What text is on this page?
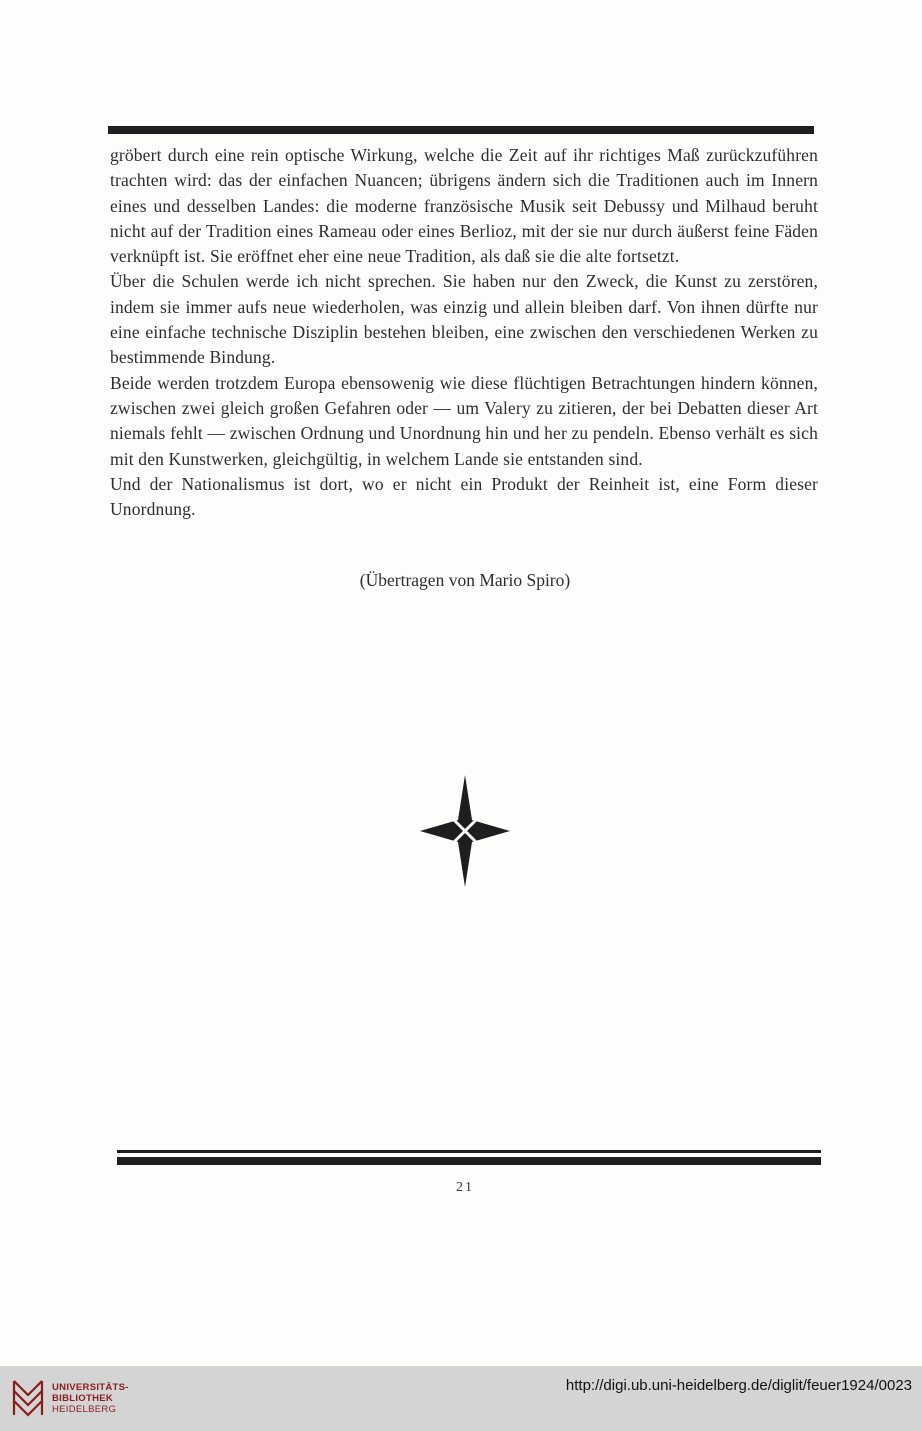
gröbert durch eine rein optische Wirkung, welche die Zeit auf ihr richtiges Maß zurückzuführen trachten wird: das der einfachen Nuancen; übrigens ändern sich die Traditionen auch im Innern eines und desselben Landes: die moderne französische Musik seit Debussy und Milhaud beruht nicht auf der Tradition eines Rameau oder eines Berlioz, mit der sie nur durch äußerst feine Fäden verknüpft ist. Sie eröffnet eher eine neue Tradition, als daß sie die alte fortsetzt.

Über die Schulen werde ich nicht sprechen. Sie haben nur den Zweck, die Kunst zu zerstören, indem sie immer aufs neue wiederholen, was einzig und allein bleiben darf. Von ihnen dürfte nur eine einfache technische Disziplin bestehen bleiben, eine zwischen den verschiedenen Werken zu bestimmende Bindung.

Beide werden trotzdem Europa ebensowenig wie diese flüchtigen Betrachtungen hindern können, zwischen zwei gleich großen Gefahren oder — um Valery zu zitieren, der bei Debatten dieser Art niemals fehlt — zwischen Ordnung und Unordnung hin und her zu pendeln. Ebenso verhält es sich mit den Kunstwerken, gleichgültig, in welchem Lande sie entstanden sind.

Und der Nationalismus ist dort, wo er nicht ein Produkt der Reinheit ist, eine Form dieser Unordnung.

(Übertragen von Mario Spiro)
21
UNIVERSITÄTS-
BIBLIOTHEK
HEIDELBERG
http://digi.ub.uni-heidelberg.de/diglit/feuer1924/0023
